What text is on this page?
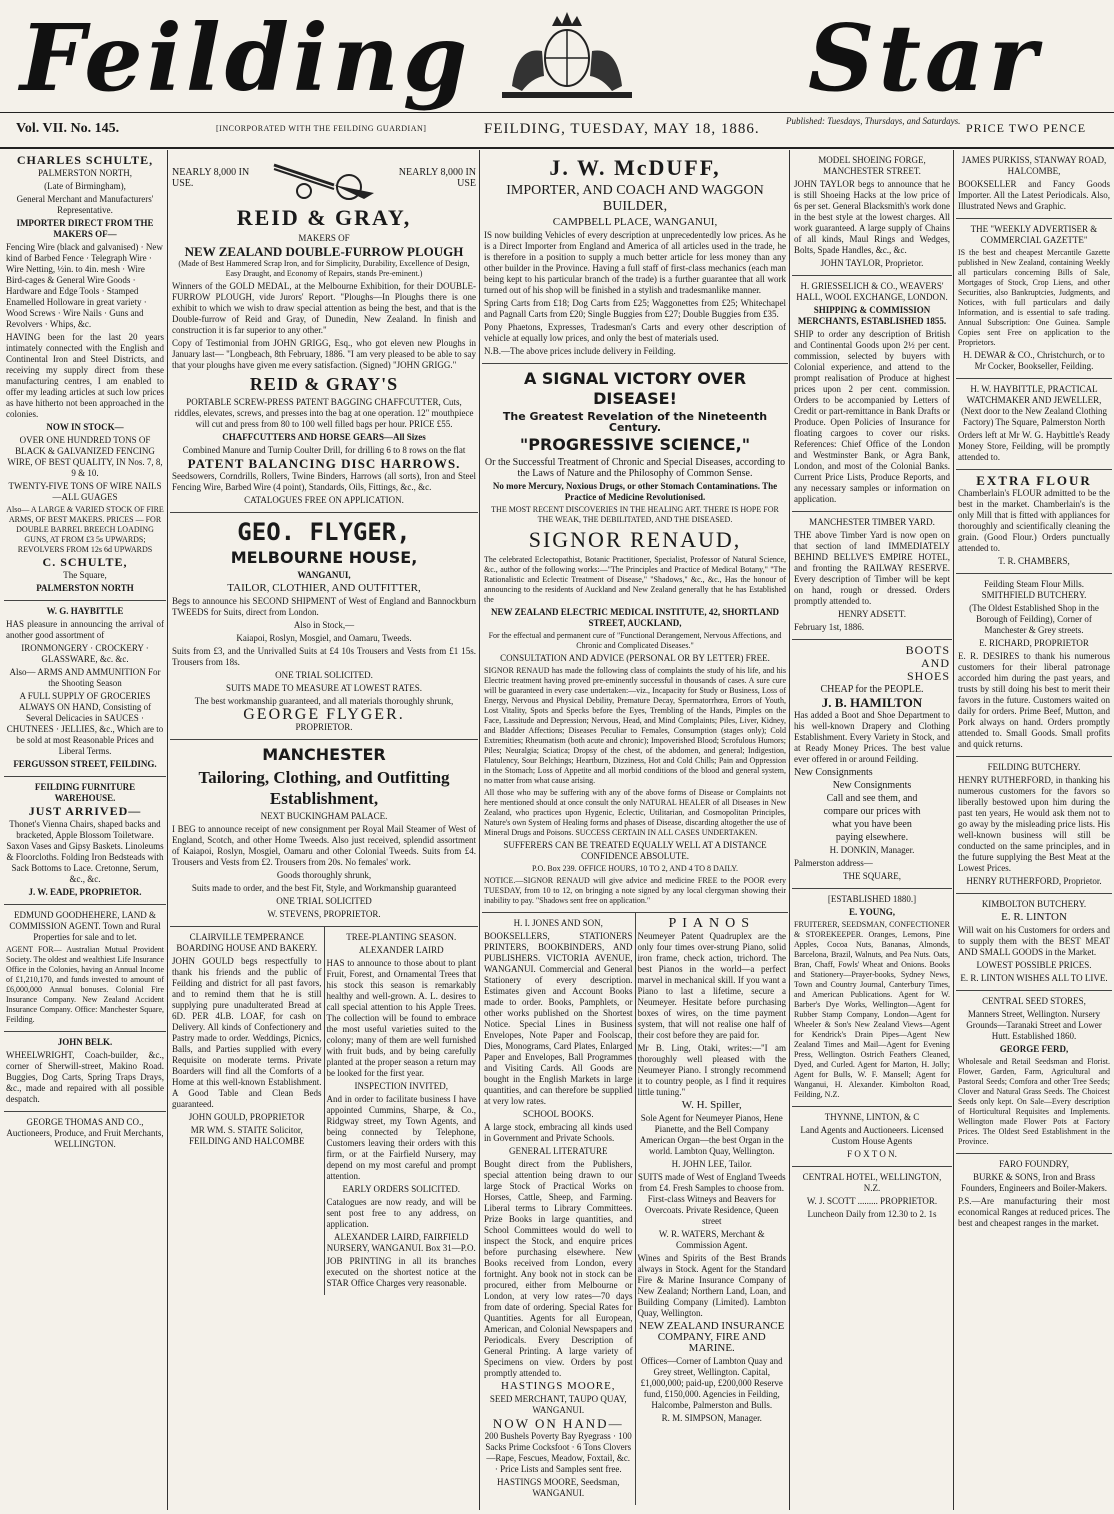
Feilding	Star
Vol. VII. No. 145.	[INCORPORATED WITH THE FEILDING GUARDIAN]	FEILDING, TUESDAY, MAY 18, 1886.	Published: Tuesdays, Thursdays, and Saturdays. PRICE TWO PENCE

CHARLES SCHULTE,

PALMERSTON NORTH,

(Late of Birmingham),

General Merchant and Manufacturers' Representative.

IMPORTER DIRECT FROM THE MAKERS OF—

Fencing Wire (black and galvanised) · New kind of Barbed Fence · Telegraph Wire · Wire Netting, ½in. to 4in. mesh · Wire Bird-cages & General Wire Goods · Hardware and Edge Tools · Stamped Enamelled Holloware in great variety · Wood Screws · Wire Nails · Guns and Revolvers · Whips, &c.

HAVING been for the last 20 years intimately connected with the English and Continental Iron and Steel Districts, and receiving my supply direct from these manufacturing centres, I am enabled to offer my leading articles at such low prices as have hitherto not been approached in the colonies.

NOW IN STOCK—

OVER ONE HUNDRED TONS OF BLACK & GALVANIZED FENCING WIRE, OF BEST QUALITY, IN Nos. 7, 8, 9 & 10.

TWENTY-FIVE TONS OF WIRE NAILS—ALL GUAGES

Also— A LARGE & VARIED STOCK OF FIRE ARMS, OF BEST MAKERS. PRICES — FOR DOUBLE BARREL BREECH LOADING GUNS, AT FROM £3 5s UPWARDS; REVOLVERS FROM 12s 6d UPWARDS

C. SCHULTE,

The Square,

PALMERSTON NORTH

W. G. HAYBITTLE

HAS pleasure in announcing the arrival of another good assortment of

IRONMONGERY · CROCKERY · GLASSWARE, &c. &c.

Also— ARMS AND AMMUNITION For the Shooting Season

A FULL SUPPLY OF GROCERIES ALWAYS ON HAND, Consisting of Several Delicacies in SAUCES · CHUTNEES · JELLIES, &c., Which are to be sold at most Reasonable Prices and Liberal Terms.

FERGUSSON STREET, FEILDING.

FEILDING FURNITURE WAREHOUSE.

JUST ARRIVED—

Thonet's Vienna Chairs, shaped backs and bracketed, Apple Blossom Toiletware. Saxon Vases and Gipsy Baskets. Linoleums & Floorcloths. Folding Iron Bedsteads with Sack Bottoms to Lace. Cretonne, Serum, &c., &c.

J. W. EADE, PROPRIETOR.

EDMUND GOODHEHERE, LAND & COMMISSION AGENT. Town and Rural Properties for sale and to let.

AGENT FOR— Australian Mutual Provident Society. The oldest and wealthiest Life Insurance Office in the Colonies, having an Annual Income of £1,210,170, and funds invested to amount of £6,000,000 Annual bonuses. Colonial Fire Insurance Company. New Zealand Accident Insurance Company. Office: Manchester Square, Feilding.

JOHN BELK.

WHEELWRIGHT, Coach-builder, &c., corner of Sherwill-street, Makino Road. Buggies, Dog Carts, Spring Traps Drays, &c., made and repaired with all possible despatch.

GEORGE THOMAS AND CO., Auctioneers, Produce, and Fruit Merchants, WELLINGTON.

NEARLY 8,000 IN USE.
NEARLY 8,000 IN USE

REID & GRAY,

MAKERS OF

NEW ZEALAND DOUBLE-FURROW PLOUGH

(Made of Best Hammered Scrap Iron, and for Simplicity, Durability, Excellence of Design, Easy Draught, and Economy of Repairs, stands Pre-eminent.)

Winners of the GOLD MEDAL, at the Melbourne Exhibition, for their DOUBLE-FURROW PLOUGH, vide Jurors' Report. "Ploughs—In Ploughs there is one exhibit to which we wish to draw special attention as being the best, and that is the Double-furrow of Reid and Gray, of Dunedin, New Zealand. In finish and construction it is far superior to any other."

Copy of Testimonial from JOHN GRIGG, Esq., who got eleven new Ploughs in January last— "Longbeach, 8th February, 1886. "I am very pleased to be able to say that your ploughs have given me every satisfaction. (Signed) "JOHN GRIGG."

REID & GRAY'S

PORTABLE SCREW-PRESS PATENT BAGGING CHAFFCUTTER, Cuts, riddles, elevates, screws, and presses into the bag at one operation. 12" mouthpiece will cut and press from 80 to 100 well filled bags per hour. PRICE £55.

CHAFFCUTTERS AND HORSE GEARS—All Sizes

Combined Manure and Turnip Coulter Drill, for drilling 6 to 8 rows on the flat

PATENT BALANCING DISC HARROWS.

Seedsowers, Corndrills, Rollers, Twine Binders, Harrows (all sorts), Iron and Steel Fencing Wire, Barbed Wire (4 point), Standards, Oils, Fittings, &c., &c.

CATALOGUES FREE ON APPLICATION.

GEO. FLYGER,

MELBOURNE HOUSE,

WANGANUI,

TAILOR, CLOTHIER, AND OUTFITTER,

Begs to announce his SECOND SHIPMENT of West of England and Bannockburn TWEEDS for Suits, direct from London.

Also in Stock,—

Kaiapoi, Roslyn, Mosgiel, and Oamaru, Tweeds.

Suits from £3, and the Unrivalled Suits at £4 10s Trousers and Vests from £1 15s. Trousers from 18s.

ONE TRIAL SOLICITED.

SUITS MADE TO MEASURE AT LOWEST RATES.

The best workmanship guaranteed, and all materials thoroughly shrunk,

GEORGE FLYGER.

PROPRIETOR.

MANCHESTER

Tailoring, Clothing, and Outfitting Establishment,

NEXT BUCKINGHAM PALACE.

I BEG to announce receipt of new consignment per Royal Mail Steamer of West of England, Scotch, and other Home Tweeds. Also just received, splendid assortment of Kaiapoi, Roslyn, Mosgiel, Oamaru and other Colonial Tweeds. Suits from £4. Trousers and Vests from £2. Trousers from 20s. No females' work.

Goods thoroughly shrunk,

Suits made to order, and the best Fit, Style, and Workmanship guaranteed

ONE TRIAL SOLICITED

W. STEVENS, PROPRIETOR.

CLAIRVILLE TEMPERANCE BOARDING HOUSE AND BAKERY.

JOHN GOULD begs respectfully to thank his friends and the public of Feilding and district for all past favors, and to remind them that he is still supplying pure unadulterated Bread at 6D. PER 4LB. LOAF, for cash on Delivery. All kinds of Confectionery and Pastry made to order. Weddings, Picnics, Balls, and Parties supplied with every Requisite on moderate terms. Private Boarders will find all the Comforts of a Home at this well-known Establishment. A Good Table and Clean Beds guaranteed.

JOHN GOULD, PROPRIETOR

MR WM. S. STAITE Solicitor, FEILDING AND HALCOMBE

TREE-PLANTING SEASON.

ALEXANDER LAIRD

HAS to announce to those about to plant Fruit, Forest, and Ornamental Trees that his stock this season is remarkably healthy and well-grown. A. L. desires to call special attention to his Apple Trees. The collection will be found to embrace the most useful varieties suited to the colony; many of them are well furnished with fruit buds, and by being carefully planted at the proper season a return may be looked for the first year.

INSPECTION INVITED,

And in order to facilitate business I have appointed Cummins, Sharpe, & Co., Ridgway street, my Town Agents, and being connected by Telephone, Customers leaving their orders with this firm, or at the Fairfield Nursery, may depend on my most careful and prompt attention.

EARLY ORDERS SOLICITED.

Catalogues are now ready, and will be sent post free to any address, on application.

ALEXANDER LAIRD, FAIRFIELD NURSERY, WANGANUI. Box 31—P.O.

JOB PRINTING in all its branches executed on the shortest notice at the STAR Office Charges very reasonable.

J. W. McDUFF,

IMPORTER, AND COACH AND WAGGON BUILDER,

CAMPBELL PLACE, WANGANUI,

IS now building Vehicles of every description at unprecedentedly low prices. As he is a Direct Importer from England and America of all articles used in the trade, he is therefore in a position to supply a much better article for less money than any other builder in the Province. Having a full staff of first-class mechanics (each man being kept to his particular branch of the trade) is a further guarantee that all work turned out of his shop will be finished in a stylish and tradesmanlike manner.

Spring Carts from £18; Dog Carts from £25; Waggonettes from £25; Whitechapel and Pagnall Carts from £20; Single Buggies from £27; Double Buggies from £35.

Pony Phaetons, Expresses, Tradesman's Carts and every other description of vehicle at equally low prices, and only the best of materials used.

N.B.—The above prices include delivery in Feilding.

A SIGNAL VICTORY OVER DISEASE!

The Greatest Revelation of the Nineteenth Century.

"PROGRESSIVE SCIENCE,"

Or the Successful Treatment of Chronic and Special Diseases, according to the Laws of Nature and the Philosophy of Common Sense.

No more Mercury, Noxious Drugs, or other Stomach Contaminations. The Practice of Medicine Revolutionised.

THE MOST RECENT DISCOVERIES IN THE HEALING ART. THERE IS HOPE FOR THE WEAK, THE DEBILITATED, AND THE DISEASED.

SIGNOR RENAUD,

The celebrated Eclectopathist, Botanic Practitioner, Specialist, Professor of Natural Science, &c., author of the following works:—"The Principles and Practice of Medical Botany," "The Rationalistic and Eclectic Treatment of Disease," "Shadows," &c., &c., Has the honour of announcing to the residents of Auckland and New Zealand generally that he has Established the

NEW ZEALAND ELECTRIC MEDICAL INSTITUTE, 42, SHORTLAND STREET, AUCKLAND,

For the effectual and permanent cure of "Functional Derangement, Nervous Affections, and Chronic and Complicated Diseases."

CONSULTATION AND ADVICE (PERSONAL OR BY LETTER) FREE.

SIGNOR RENAUD has made the following class of complaints the study of his life, and his Electric treatment having proved pre-eminently successful in thousands of cases. A sure cure will be guaranteed in every case undertaken:—viz., Incapacity for Study or Business, Loss of Energy, Nervous and Physical Debility, Premature Decay, Spermatorrhœa, Errors of Youth, Lost Vitality, Spots and Specks before the Eyes, Trembling of the Hands, Pimples on the Face, Lassitude and Depression; Nervous, Head, and Mind Complaints; Piles, Liver, Kidney, and Bladder Affections; Diseases Peculiar to Females, Consumption (stages only); Cold Extremities; Rheumatism (both acute and chronic); Impoverished Blood; Scrofulous Humors; Piles; Neuralgia; Sciatica; Dropsy of the chest, of the abdomen, and general; Indigestion, Flatulency, Sour Belchings; Heartburn, Dizziness, Hot and Cold Chills; Pain and Oppression in the Stomach; Loss of Appetite and all morbid conditions of the blood and general system, no matter from what cause arising.

All those who may be suffering with any of the above forms of Disease or Complaints not here mentioned should at once consult the only NATURAL HEALER of all Diseases in New Zealand, who practices upon Hygenic, Eclectic, Utilitarian, and Cosmopolitan Principles, Nature's own System of Healing forms and phases of Disease, discarding altogether the use of Mineral Drugs and Poisons. SUCCESS CERTAIN IN ALL CASES UNDERTAKEN.

SUFFERERS CAN BE TREATED EQUALLY WELL AT A DISTANCE CONFIDENCE ABSOLUTE.

P.O. Box 239. OFFICE HOURS, 10 TO 2, AND 4 TO 8 DAILY.

NOTICE.—SIGNOR RENAUD will give advice and medicine FREE to the POOR every TUESDAY, from 10 to 12, on bringing a note signed by any local clergyman showing their inability to pay. "Shadows sent free on application."

H. I. JONES AND SON,

BOOKSELLERS, STATIONERS PRINTERS, BOOKBINDERS, AND PUBLISHERS. VICTORIA AVENUE, WANGANUI. Commercial and General Stationery of every description. Estimates given and Account Books made to order. Books, Pamphlets, or other works published on the Shortest Notice. Special Lines in Business Envelopes, Note Paper and Foolscap, Dies, Monograms, Card Plates, Enlarged Paper and Envelopes, Ball Programmes and Visiting Cards. All Goods are bought in the English Markets in large quantities, and can therefore be supplied at very low rates.

SCHOOL BOOKS.

A large stock, embracing all kinds used in Government and Private Schools.

GENERAL LITERATURE

Bought direct from the Publishers, special attention being drawn to our large Stock of Practical Works on Horses, Cattle, Sheep, and Farming. Liberal terms to Library Committees. Prize Books in large quantities, and School Committees would do well to inspect the Stock, and enquire prices before purchasing elsewhere. New Books received from London, every fortnight. Any book not in stock can be procured, either from Melbourne or London, at very low rates—70 days from date of ordering. Special Rates for Quantities. Agents for all European, American, and Colonial Newspapers and Periodicals. Every Description of General Printing. A large variety of Specimens on view. Orders by post promptly attended to.

HASTINGS MOORE,

SEED MERCHANT, TAUPO QUAY, WANGANUI.

NOW ON HAND—

200 Bushels Poverty Bay Ryegrass · 100 Sacks Prime Cocksfoot · 6 Tons Clovers—Rape, Fescues, Meadow, Foxtail, &c. · Price Lists and Samples sent free.

HASTINGS MOORE, Seedsman, WANGANUI.

PIANOS

Neumeyer Patent Quadruplex are the only four times over-strung Piano, solid iron frame, check action, trichord. The best Pianos in the world—a perfect marvel in mechanical skill. If you want a Piano to last a lifetime, secure a Neumeyer. Hesitate before purchasing boxes of wires, on the time payment system, that will not realise one half of their cost before they are paid for.

Mr B. Ling, Otaki, writes:—"I am thoroughly well pleased with the Neumeyer Piano. I strongly recommend it to country people, as I find it requires little tuning."

W. H. Spiller,

Sole Agent for Neumeyer Pianos, Hene Pianette, and the Bell Company American Organ—the best Organ in the world. Lambton Quay, Wellington.

H. JOHN LEE, Tailor.

SUITS made of West of England Tweeds from £4. Fresh Samples to choose from. First-class Witneys and Beavers for Overcoats. Private Residence, Queen street

W. R. WATERS, Merchant & Commission Agent.

Wines and Spirits of the Best Brands always in Stock. Agent for the Standard Fire & Marine Insurance Company of New Zealand; Northern Land, Loan, and Building Company (Limited). Lambton Quay, Wellington.

NEW ZEALAND INSURANCE COMPANY, FIRE AND MARINE.

Offices—Corner of Lambton Quay and Grey street, Wellington. Capital, £1,000,000; paid-up, £200,000 Reserve fund, £150,000. Agencies in Feilding, Halcombe, Palmerston and Bulls.

R. M. SIMPSON, Manager.

MODEL SHOEING FORGE, MANCHESTER STREET.

JOHN TAYLOR begs to announce that he is still Shoeing Hacks at the low price of 6s per set. General Blacksmith's work done in the best style at the lowest charges. All work guaranteed. A large supply of Chains of all kinds, Maul Rings and Wedges, Bolts, Spade Handles, &c., &c.

JOHN TAYLOR, Proprietor.

H. GRIESSELICH & CO., WEAVERS' HALL, WOOL EXCHANGE, LONDON.

SHIPPING & COMMISSION MERCHANTS, ESTABLISHED 1855.

SHIP to order any description of British and Continental Goods upon 2½ per cent. commission, selected by buyers with Colonial experience, and attend to the prompt realisation of Produce at highest prices upon 2 per cent. commission. Orders to be accompanied by Letters of Credit or part-remittance in Bank Drafts or Produce. Open Policies of Insurance for floating cargoes to cover our risks. References: Chief Office of the London and Westminster Bank, or Agra Bank, London, and most of the Colonial Banks. Current Price Lists, Produce Reports, and any necessary samples or information on application.

MANCHESTER TIMBER YARD.

THE above Timber Yard is now open on that section of land IMMEDIATELY BEHIND BELLVE'S EMPIRE HOTEL, and fronting the RAILWAY RESERVE. Every description of Timber will be kept on hand, rough or dressed. Orders promptly attended to.

HENRY ADSETT.

February 1st, 1886.

BOOTS

AND

SHOES

CHEAP for the PEOPLE.

J. B. HAMILTON

Has added a Boot and Shoe Department to his well-known Drapery and Clothing Establishment. Every Variety in Stock, and at Ready Money Prices. The best value ever offered in or around Feilding.

New Consignments

New Consignments

Call and see them, and

compare our prices with

what you have been

paying elsewhere.

H. DONKIN, Manager.

Palmerston address—

THE SQUARE,

[ESTABLISHED 1880.]

E. YOUNG,

FRUITERER, SEEDSMAN, CONFECTIONER & STOREKEEPER. Oranges, Lemons, Pine Apples, Cocoa Nuts, Bananas, Almonds, Barcelona, Brazil, Walnuts, and Pea Nuts. Oats, Bran, Chaff, Fowls' Wheat and Onions. Books and Stationery—Prayer-books, Sydney News, Town and Country Journal, Canterbury Times, and American Publications. Agent for W. Barber's Dye Works, Wellington—Agent for Rubber Stamp Company, London—Agent for Wheeler & Son's New Zealand Views—Agent for Kendrick's Drain Pipes—Agent New Zealand Times and Mail—Agent for Evening Press, Wellington. Ostrich Feathers Cleaned, Dyed, and Curled. Agent for Marton, H. Jolly; Agent for Bulls, W. F. Mansell; Agent for Wanganui, H. Alexander. Kimbolton Road, Feilding, N.Z.

THYNNE, LINTON, & C

Land Agents and Auctioneers. Licensed Custom House Agents

F O X T O N.

CENTRAL HOTEL, WELLINGTON, N.Z.

W. J. SCOTT ......... PROPRIETOR.

Luncheon Daily from 12.30 to 2. 1s

JAMES PURKISS, STANWAY ROAD, HALCOMBE,

BOOKSELLER and Fancy Goods Importer. All the Latest Periodicals. Also, Illustrated News and Graphic.

THE "WEEKLY ADVERTISER & COMMERCIAL GAZETTE"

IS the best and cheapest Mercantile Gazette published in New Zealand, containing Weekly all particulars concerning Bills of Sale, Mortgages of Stock, Crop Liens, and other Securities, also Bankruptcies, Judgments, and Notices, with full particulars and daily Information, and is essential to safe trading. Annual Subscription: One Guinea. Sample Copies sent Free on application to the Proprietors.

H. DEWAR & CO., Christchurch, or to Mr Cocker, Bookseller, Feilding.

H. W. HAYBITTLE, PRACTICAL WATCHMAKER AND JEWELLER, (Next door to the New Zealand Clothing Factory) The Square, Palmerston North

Orders left at Mr W. G. Haybittle's Ready Money Store, Feilding, will be promptly attended to.

EXTRA FLOUR

Chamberlain's FLOUR admitted to be the best in the market. Chamberlain's is the only Mill that is fitted with appliances for thoroughly and scientifically cleaning the grain. (Good Flour.) Orders punctually attended to.

T. R. CHAMBERS,

Feilding Steam Flour Mills. SMITHFIELD BUTCHERY.

(The Oldest Established Shop in the Borough of Feilding), Corner of Manchester & Grey streets.

E. RICHARD, PROPRIETOR

E. R. DESIRES to thank his numerous customers for their liberal patronage accorded him during the past years, and trusts by still doing his best to merit their favors in the future. Customers waited on daily for orders. Prime Beef, Mutton, and Pork always on hand. Orders promptly attended to. Small Goods. Small profits and quick returns.

FEILDING BUTCHERY.

HENRY RUTHERFORD, in thanking his numerous customers for the favors so liberally bestowed upon him during the past ten years, He would ask them not to go away by the misleading price lists. His well-known business will still be conducted on the same principles, and in the future supplying the Best Meat at the Lowest Prices.

HENRY RUTHERFORD, Proprietor.

KIMBOLTON BUTCHERY.

E. R. LINTON

Will wait on his Customers for orders and to supply them with the BEST MEAT AND SMALL GOODS in the Market.

LOWEST POSSIBLE PRICES.

E. R. LINTON WISHES ALL TO LIVE.

CENTRAL SEED STORES,

Manners Street, Wellington. Nursery Grounds—Taranaki Street and Lower Hutt. Established 1860.

GEORGE FERD,

Wholesale and Retail Seedsman and Florist. Flower, Garden, Farm, Agricultural and Pastoral Seeds; Comfora and other Tree Seeds; Clover and Natural Grass Seeds. The Choicest Seeds only kept. On Sale—Every description of Horticultural Requisites and Implements. Wellington made Flower Pots at Factory Prices. The Oldest Seed Establishment in the Province.

FARO FOUNDRY,

BURKE & SONS, Iron and Brass Founders, Engineers and Boiler-Makers.

P.S.—Are manufacturing their most economical Ranges at reduced prices. The best and cheapest ranges in the market.
